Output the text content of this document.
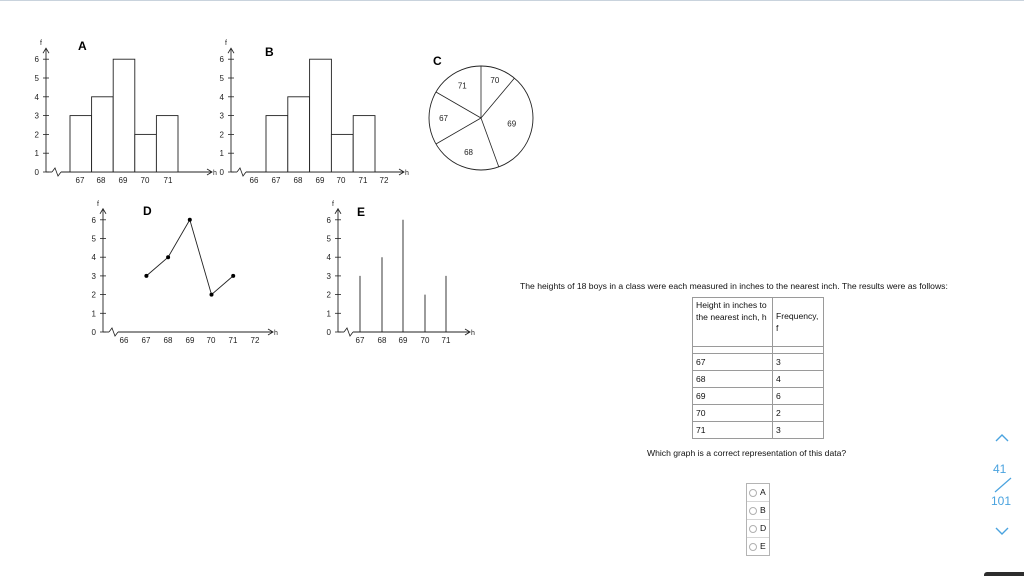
f
0
1
2
3
4
5
6
h
67 68 69 70 71
A	f
0
1
2
3
4
5
6
h
66 67 68 69 70 71 72
B
71
67
68
69
70
C
f
0
1
2
3
4
5
6
h
66 67 68 69 70 71 72
D	f
0
1
2
3
4
5
6
h
67 68 69 70 71
E
The heights of 18 boys in a class were each measured in inches to the nearest inch. The results were as follows:
Height in inches to the nearest inch, h	Frequency, f

67	3
68	4
69	6
70	2
71	3
Which graph is a correct representation of this data?
A
B
D
E
41
101
